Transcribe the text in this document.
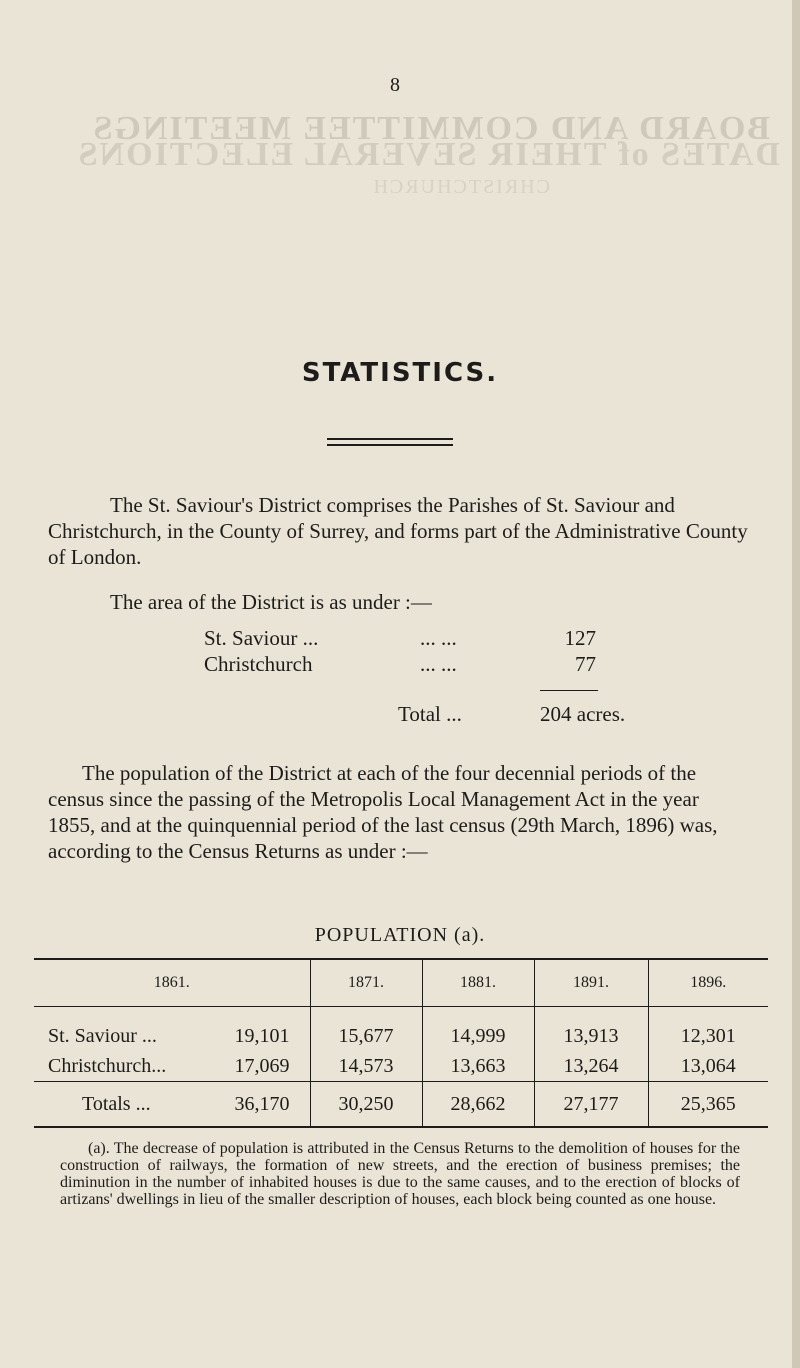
BOARD AND COMMITTEE MEETINGS
DATES of THEIR SEVERAL ELECTIONS
CHRISTCHURCH
8
STATISTICS.
The St. Saviour's District comprises the Parishes of St. Saviour and Christchurch, in the County of Surrey, and forms part of the Administrative County of London.
The area of the District is as under :—
St. Saviour ...	... ...	127
Christchurch	... ...	77
Total ...	204 acres.
The population of the District at each of the four decennial periods of the census since the passing of the Metropolis Local Management Act in the year 1855, and at the quinquennial period of the last census (29th March, 1896) was, according to the Census Returns as under :—
POPULATION (a).
1861.	1871.	1881.	1891.	1896.

St. Saviour ... 19,101	15,677	14,999	13,913	12,301
Christchurch... 17,069	14,573	13,663	13,264	13,064
Totals ... 36,170	30,250	28,662	27,177	25,365
(a). The decrease of population is attributed in the Census Returns to the demolition of houses for the construction of railways, the formation of new streets, and the erection of business premises; the diminution in the number of inhabited houses is due to the same causes, and to the erection of blocks of artizans' dwellings in lieu of the smaller description of houses, each block being counted as one house.
